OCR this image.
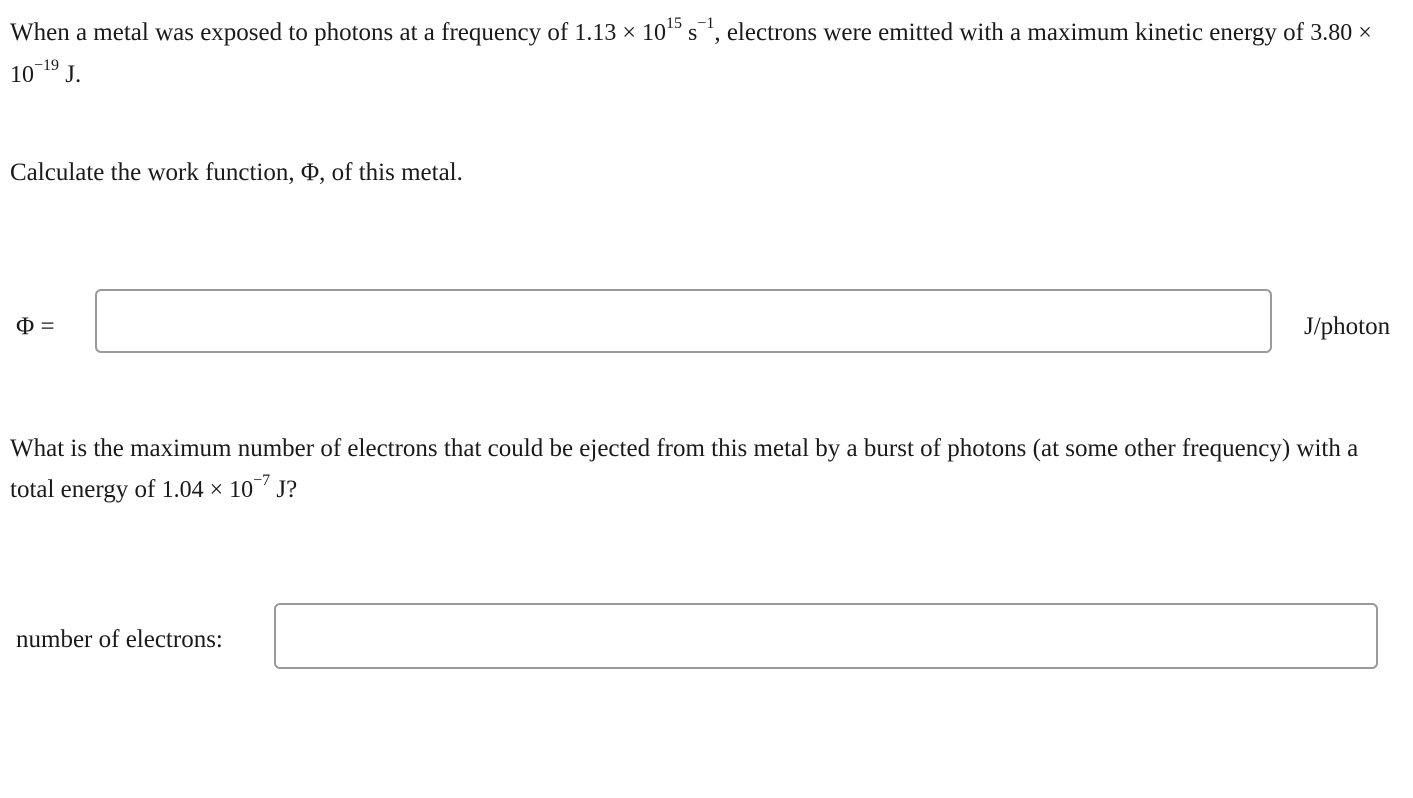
When a metal was exposed to photons at a frequency of $1.13 \times 10^{15}$ $s^{-1}$, electrons were emitted with a maximum kinetic energy of $3.80 \times 10^{-19}$ J.

Calculate the work function, Φ, of this metal.

Φ =	J/photon

What is the maximum number of electrons that could be ejected from this metal by a burst of photons (at some other frequency) with a total energy of $1.04 \times 10^{-7}$ J?

number of electrons:
